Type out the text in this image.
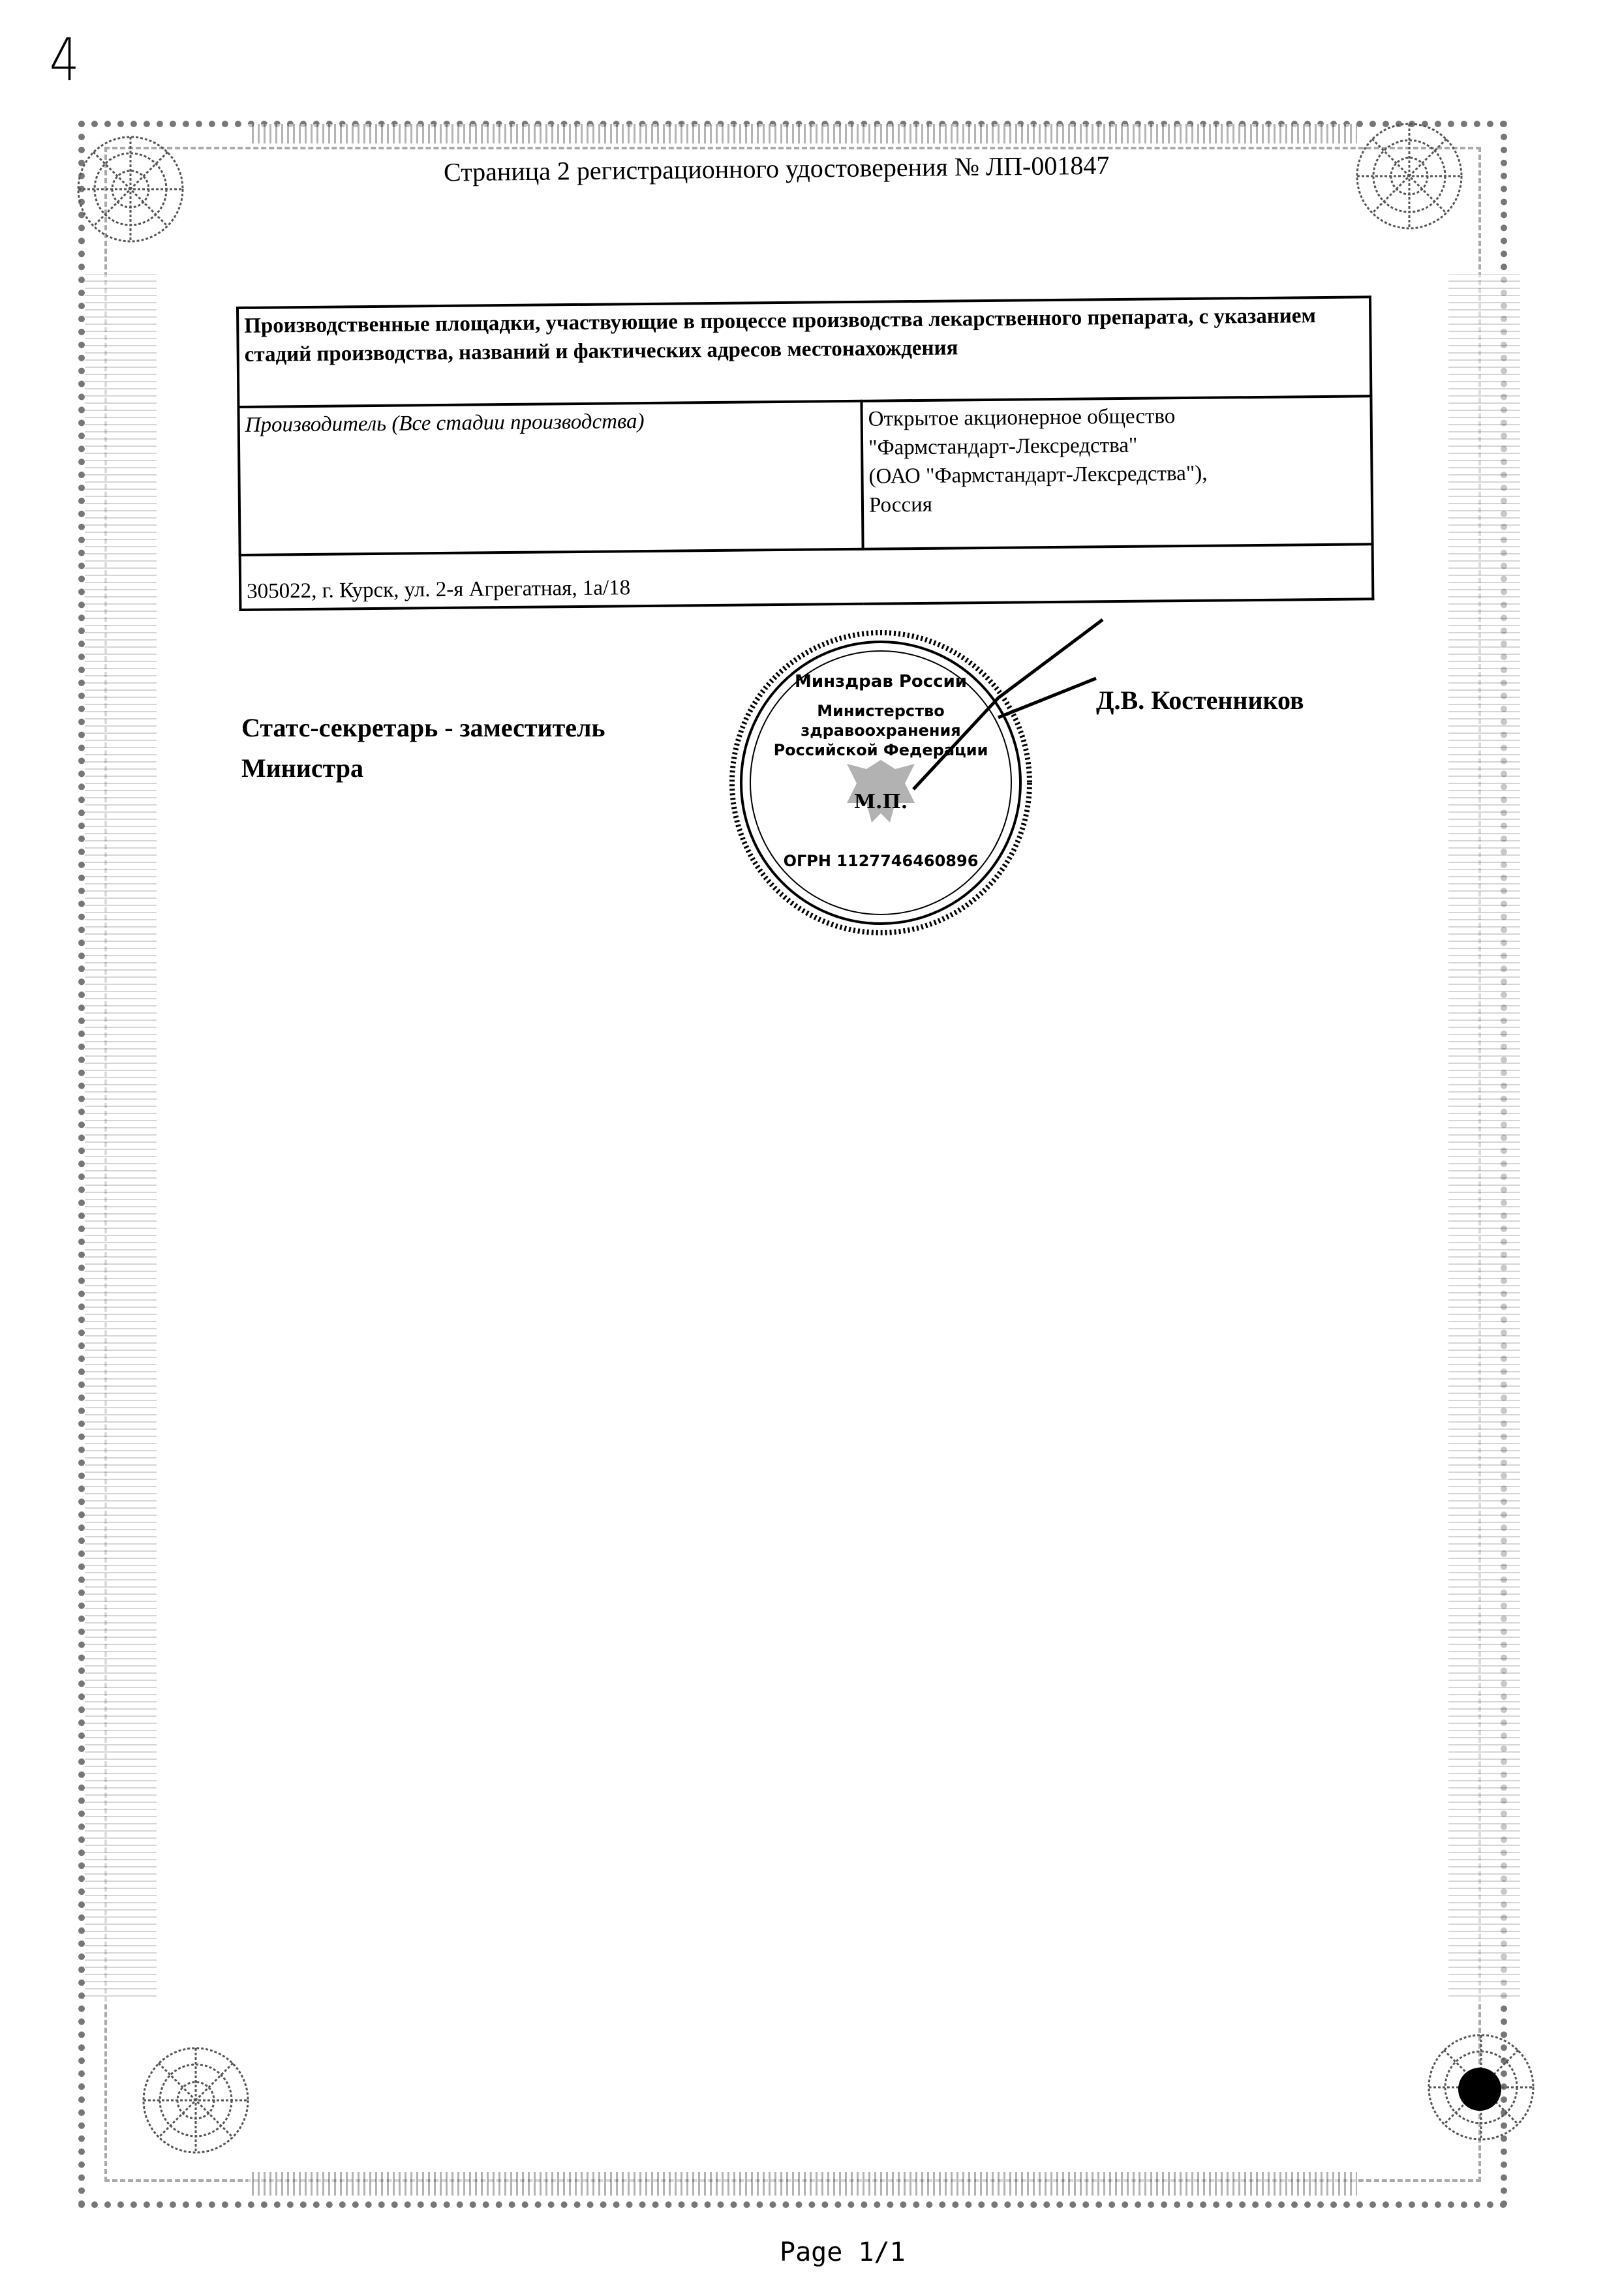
4
Страница 2 регистрационного удостоверения № ЛП-001847
Производственные площадки, участвующие в процессе производства лекарственного препарата, с указанием стадий производства, названий и фактических адресов местонахождения
Производитель (Все стадии производства)	Открытое акционерное общество
"Фармстандарт-Лексредства"
(ОАО "Фармстандарт-Лексредства"),
Россия

305022, г. Курск, ул. 2-я Агрегатная, 1а/18
Статс-секретарь - заместитель
Министра
Д.В. Костенников
Минздрав России
Министерство здравоохранения Российской Федерации
М.П.
ОГРН 1127746460896
Page 1/1
